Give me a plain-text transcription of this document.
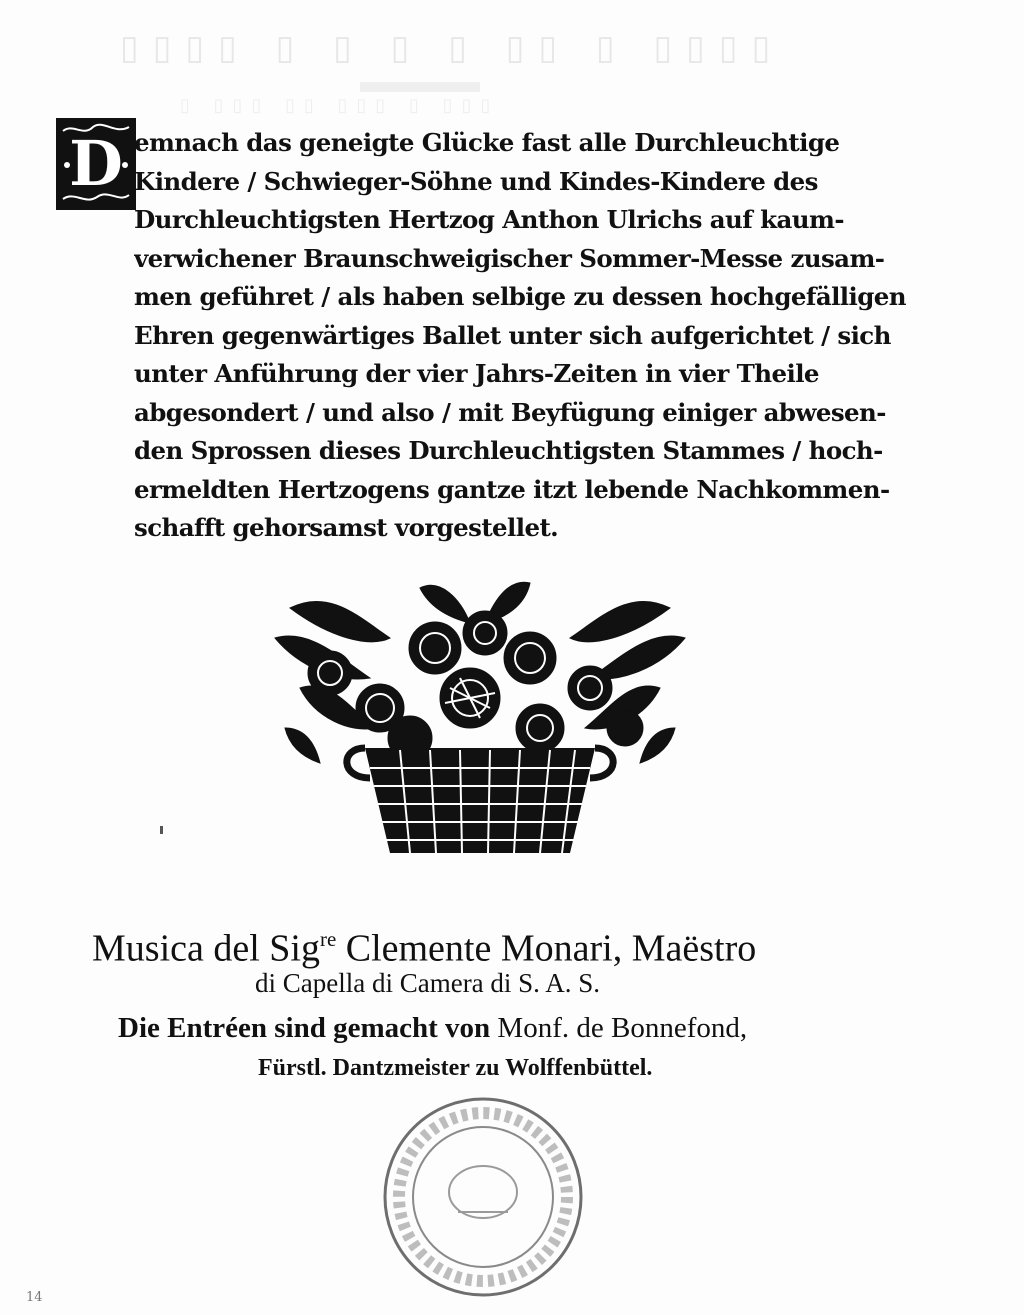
▯▯▯▯ ▯ ▯ ▯ ▯ ▯▯ ▯ ▯▯▯▯
▯ ▯▯▯ ▯▯ ▯▯▯ ▯ ▯▯▯
D emnach das geneigte Glücke fast alle Durchleuchtige
Kindere / Schwieger-Söhne und Kindes-Kindere des
Durchleuchtigsten Hertzog Anthon Ulrichs auf kaum-
verwichener Braunschweigischer Sommer-Messe zusam-
men geführet / als haben selbige zu dessen hochgefälligen
Ehren gegenwärtiges Ballet unter sich aufgerichtet / sich
unter Anführung der vier Jahrs-Zeiten in vier Theile
abgesondert / und also / mit Beyfügung einiger abwesen-
den Sprossen dieses Durchleuchtigsten Stammes / hoch-
ermeldten Hertzogens gantze itzt lebende Nachkommen-
schafft gehorsamst vorgestellet.
Musica del Sig$^{re}$ Clemente Monari, Maëstro
di Capella di Camera di S. A. S.
Die Entréen sind gemacht von Monf. de Bonnefond,
Fürstl. Dantzmeister zu Wolffenbüttel.
14
